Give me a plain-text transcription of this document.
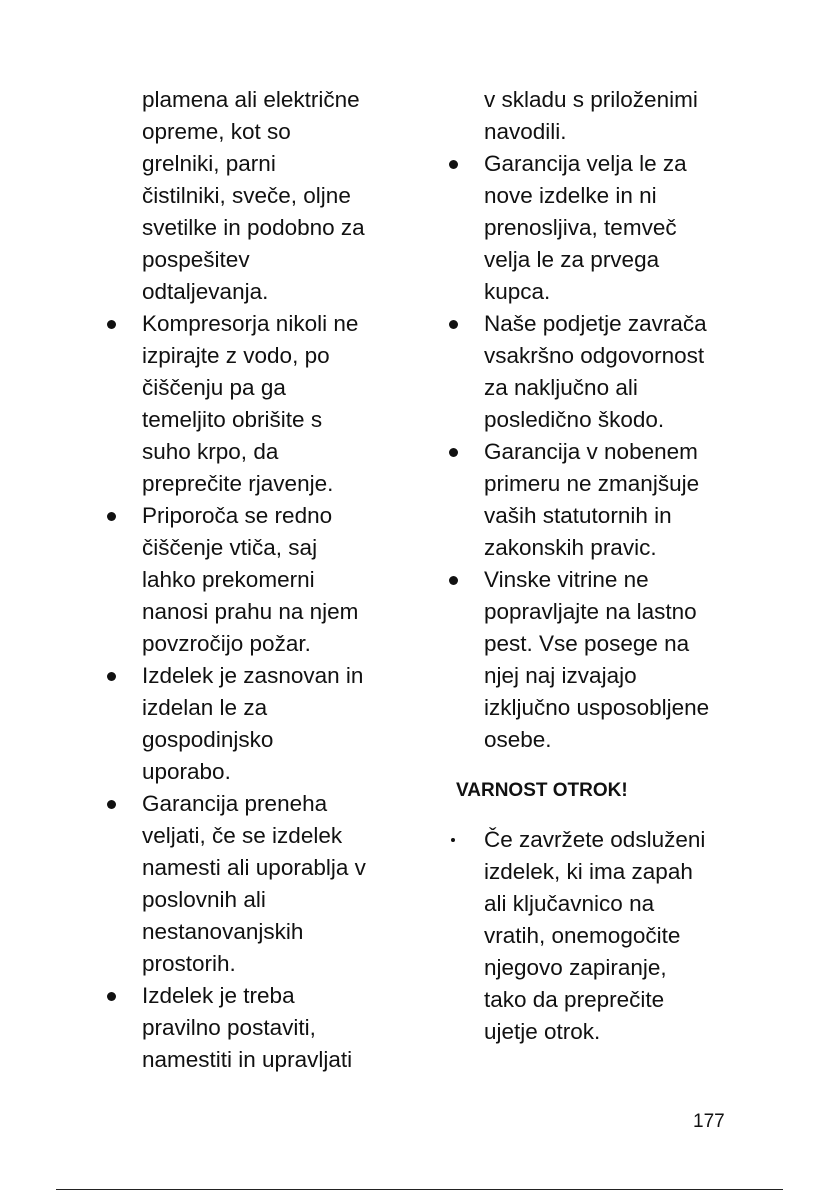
plamena ali električne
opreme, kot so
grelniki, parni
čistilniki, sveče, oljne
svetilke in podobno za
pospešitev
odtaljevanja.
Kompresorja nikoli ne
izpirajte z vodo, po
čiščenju pa ga
temeljito obrišite s
suho krpo, da
preprečite rjavenje.
Priporoča se redno
čiščenje vtiča, saj
lahko prekomerni
nanosi prahu na njem
povzročijo požar.
Izdelek je zasnovan in
izdelan le za
gospodinjsko
uporabo.
Garancija preneha
veljati, če se izdelek
namesti ali uporablja v
poslovnih ali
nestanovanjskih
prostorih.
Izdelek je treba
pravilno postaviti,
namestiti in upravljati
v skladu s priloženimi
navodili.
Garancija velja le za
nove izdelke in ni
prenosljiva, temveč
velja le za prvega
kupca.
Naše podjetje zavrača
vsakršno odgovornost
za naključno ali
posledično škodo.
Garancija v nobenem
primeru ne zmanjšuje
vaših statutornih in
zakonskih pravic.
Vinske vitrine ne
popravljajte na lastno
pest. Vse posege na
njej naj izvajajo
izključno usposobljene
osebe.
VARNOST OTROK!
Če zavržete odsluženi
izdelek, ki ima zapah
ali ključavnico na
vratih, onemogočite
njegovo zapiranje,
tako da preprečite
ujetje otrok.
177
